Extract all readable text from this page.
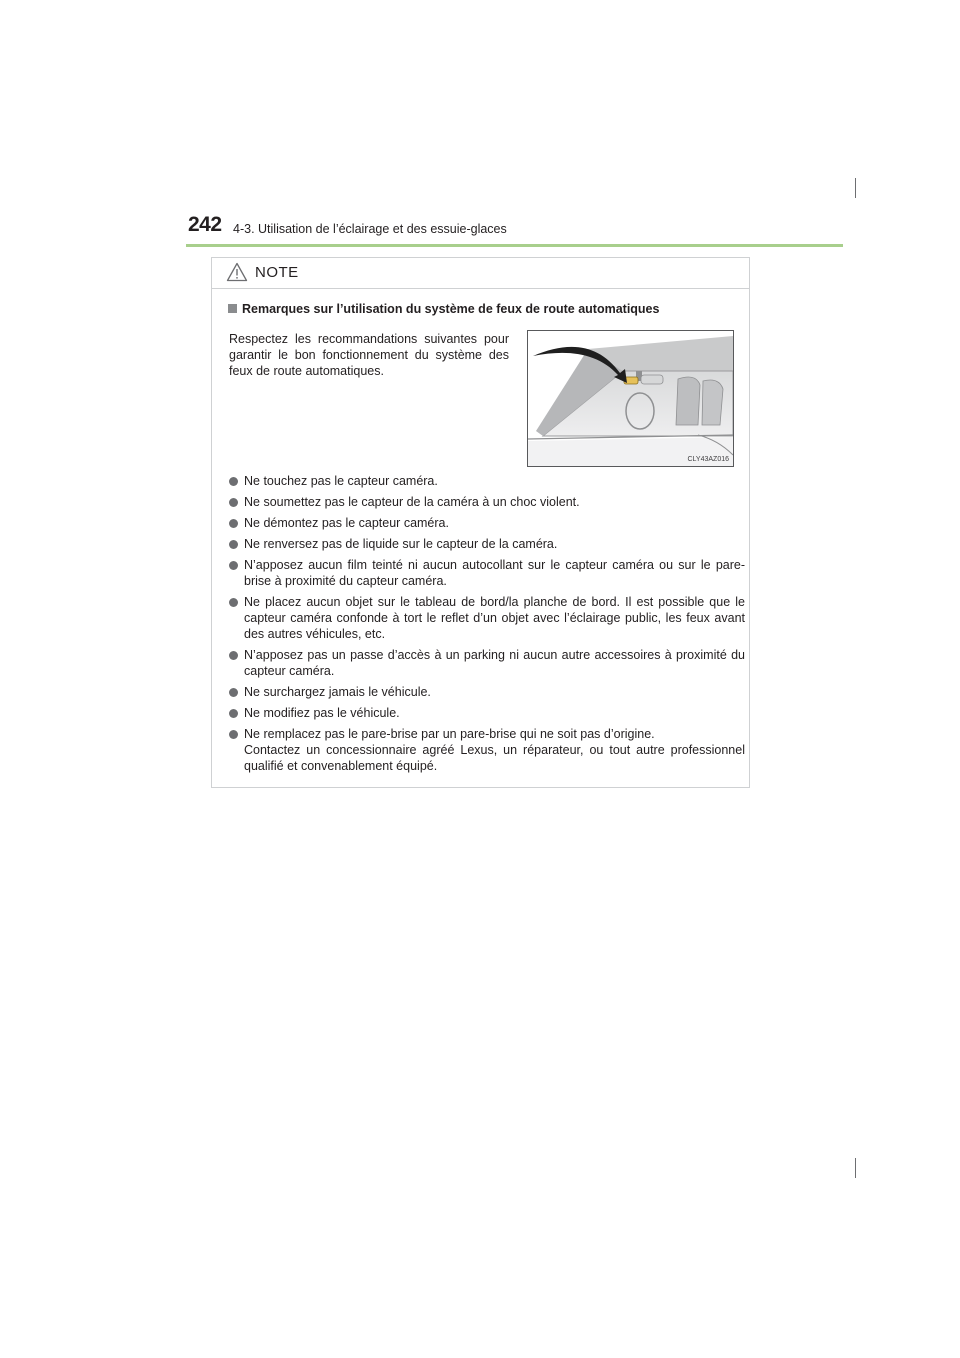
242 4-3. Utilisation de l’éclairage et des essuie-glaces
NOTE
Remarques sur l’utilisation du système de feux de route automatiques
Respectez les recommandations suivantes pour garantir le bon fonctionnement du système des feux de route automatiques.
CLY43AZ016
Ne touchez pas le capteur caméra.
Ne soumettez pas le capteur de la caméra à un choc violent.
Ne démontez pas le capteur caméra.
Ne renversez pas de liquide sur le capteur de la caméra.
N’apposez aucun film teinté ni aucun autocollant sur le capteur caméra ou sur le pare-brise à proximité du capteur caméra.
Ne placez aucun objet sur le tableau de bord/la planche de bord. Il est possible que le capteur caméra confonde à tort le reflet d’un objet avec l’éclairage public, les feux avant des autres véhicules, etc.
N’apposez pas un passe d’accès à un parking ni aucun autre accessoires à proximité du capteur caméra.
Ne surchargez jamais le véhicule.
Ne modifiez pas le véhicule.
Ne remplacez pas le pare-brise par un pare-brise qui ne soit pas d’origine.
Contactez un concessionnaire agréé Lexus, un réparateur, ou tout autre professionnel qualifié et convenablement équipé.
